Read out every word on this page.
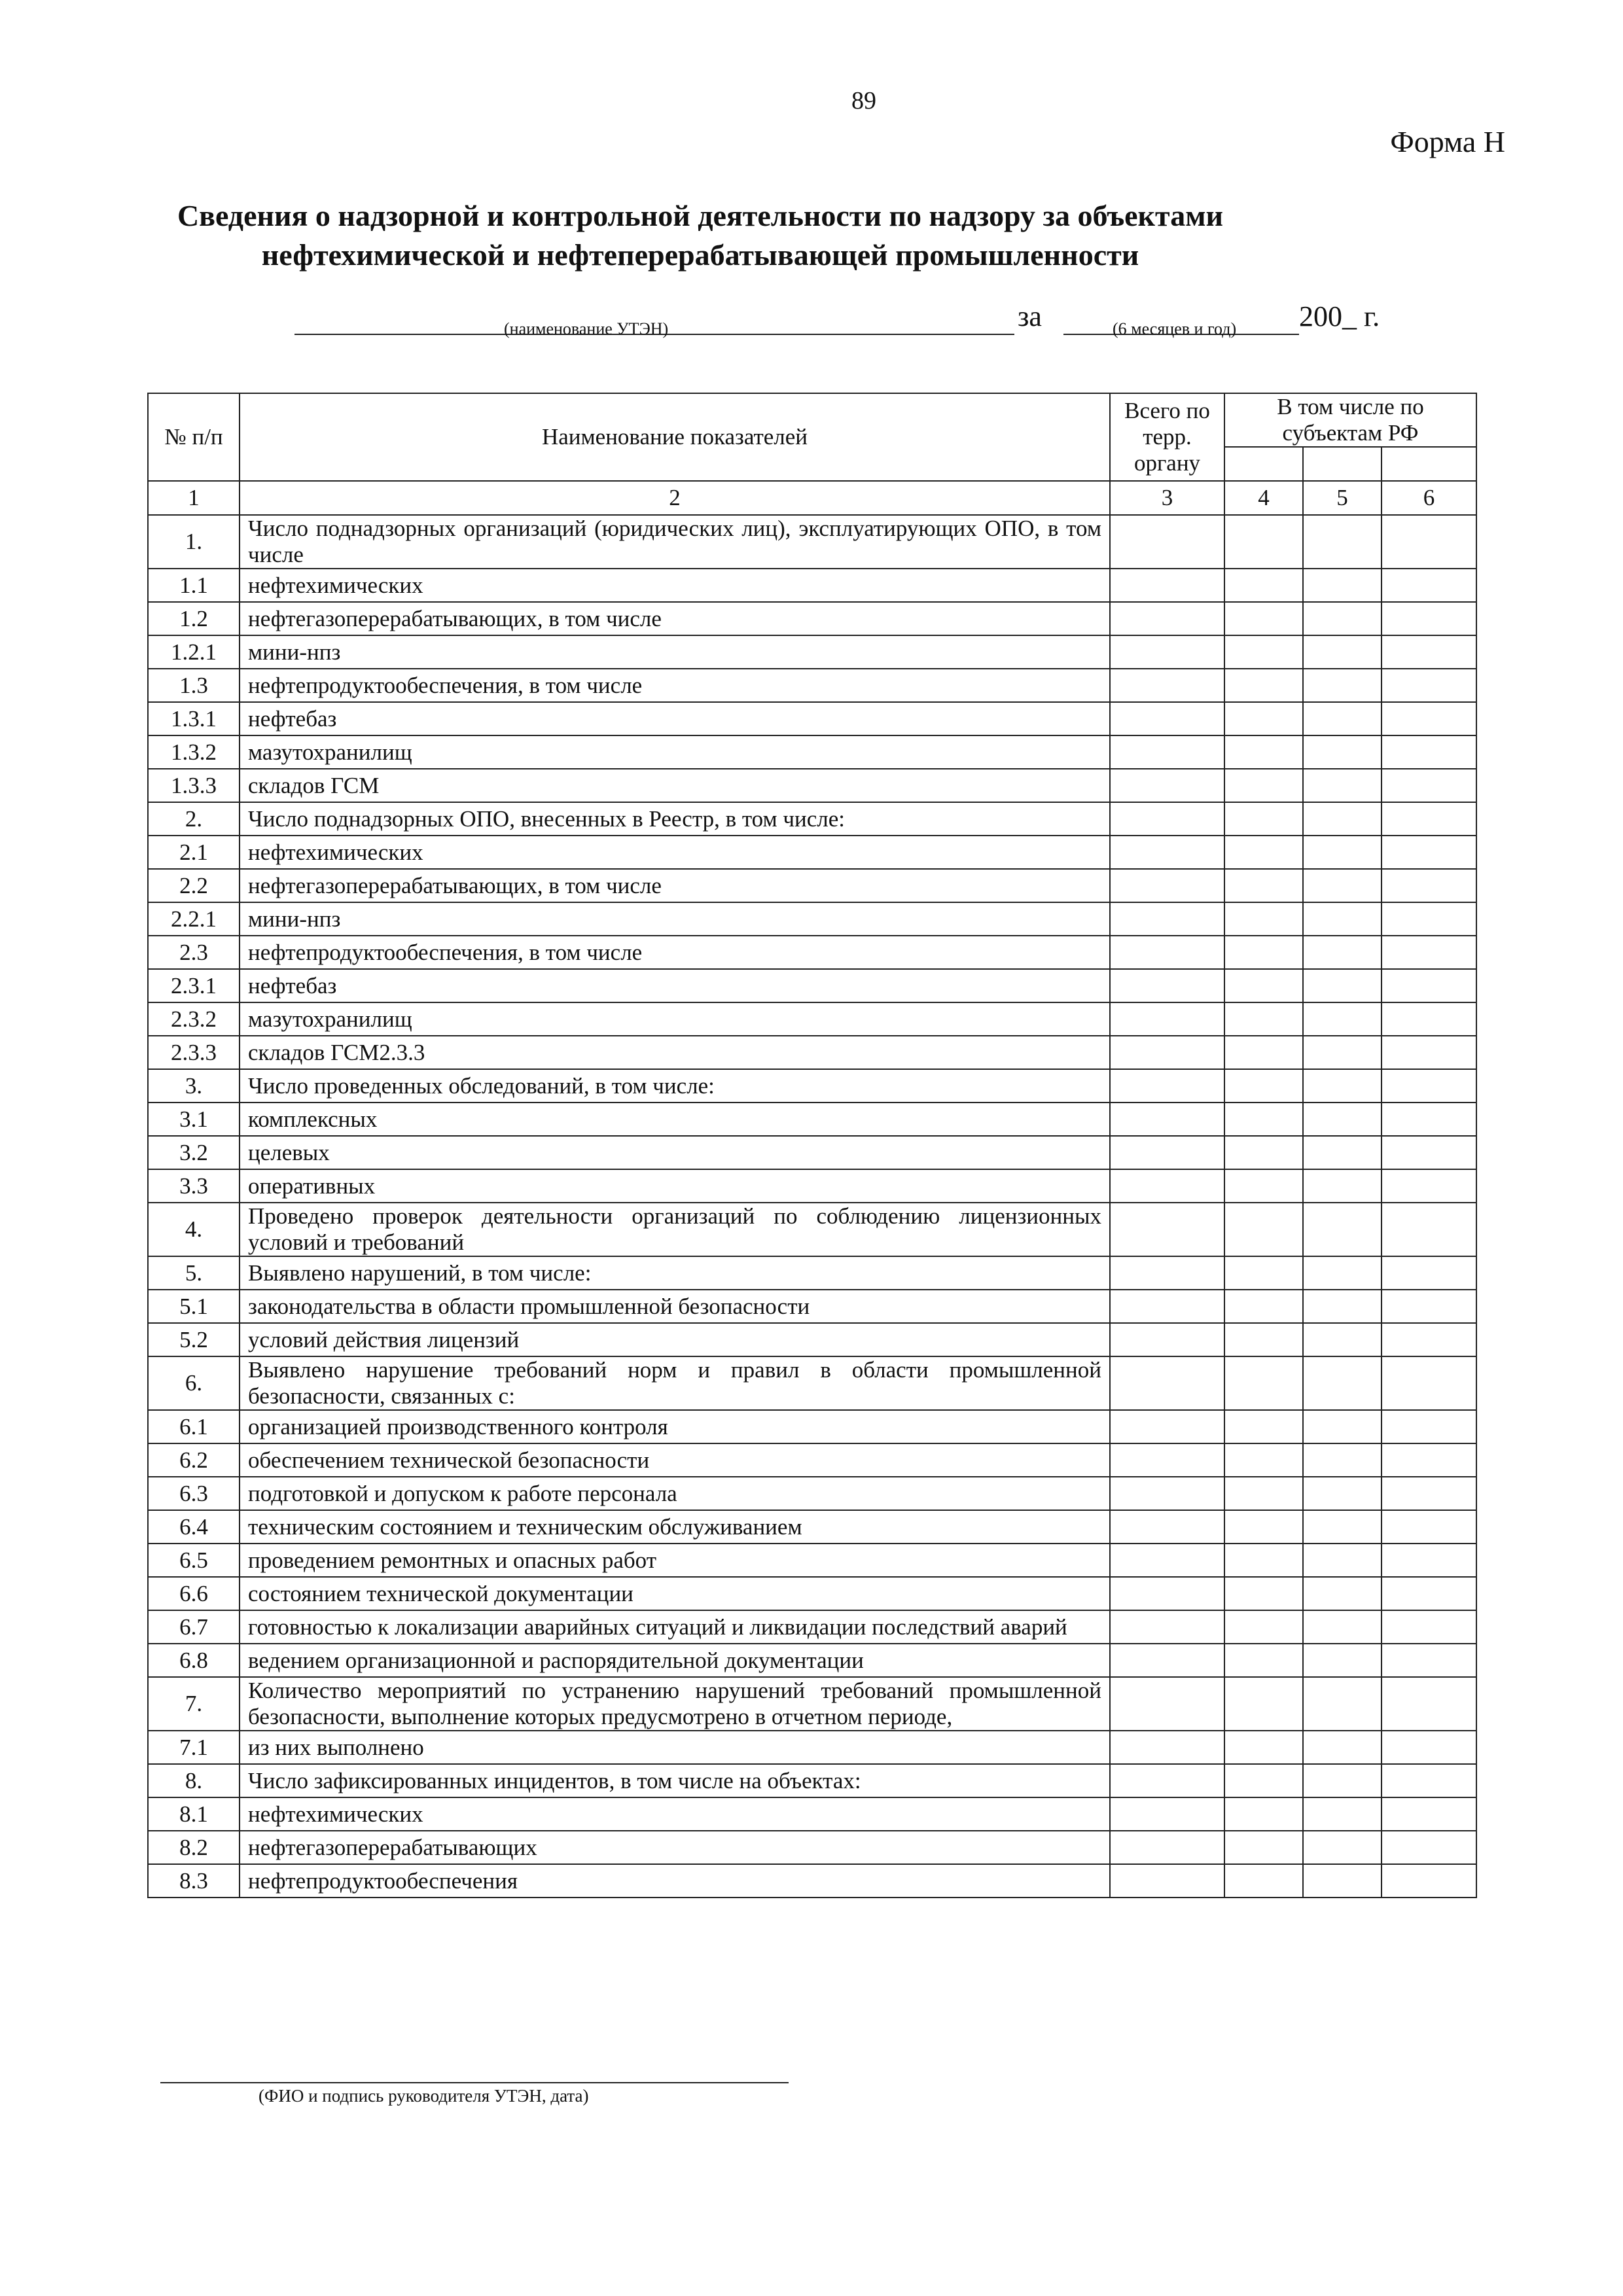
89
Форма Н
Сведения о надзорной и контрольной деятельности по надзору за объектами
нефтехимической и нефтеперерабатывающей промышленности
за	200_ г.
(наименование УТЭН)	(6 месяцев и год)
№ п/п	Наименование показателей	Всего по терр. органу	В том числе по субъектам РФ		

1	2	3	4	5	6
1.	Число поднадзорных организаций (юридических лиц), эксплуатирующих ОПО, в том числе				
1.1	нефтехимических				
1.2	нефтегазоперерабатывающих, в том числе				
1.2.1	мини-нпз				
1.3	нефтепродуктообеспечения, в том числе				
1.3.1	нефтебаз				
1.3.2	мазутохранилищ				
1.3.3	складов ГСМ				
2.	Число поднадзорных ОПО, внесенных в Реестр, в том числе:				
2.1	нефтехимических				
2.2	нефтегазоперерабатывающих, в том числе				
2.2.1	мини-нпз				
2.3	нефтепродуктообеспечения, в том числе				
2.3.1	нефтебаз				
2.3.2	мазутохранилищ				
2.3.3	складов ГСМ2.3.3				
3.	Число проведенных обследований, в том числе:				
3.1	комплексных				
3.2	целевых				
3.3	оперативных				
4.	Проведено проверок деятельности организаций по соблюдению лицензионных условий и требований				
5.	Выявлено нарушений, в том числе:				
5.1	законодательства в области промышленной безопасности				
5.2	условий действия лицензий				
6.	Выявлено нарушение требований норм и правил в области промышленной безопасности, связанных с:				
6.1	организацией производственного контроля				
6.2	обеспечением технической безопасности				
6.3	подготовкой и допуском к работе персонала				
6.4	техническим состоянием и техническим обслуживанием				
6.5	проведением ремонтных и опасных работ				
6.6	состоянием технической документации				
6.7	готовностью к локализации аварийных ситуаций и ликвидации последствий аварий				
6.8	ведением организационной и распорядительной документации				
7.	Количество мероприятий по устранению нарушений требований промышленной безопасности, выполнение которых предусмотрено в отчетном периоде,				
7.1	из них выполнено				
8.	Число зафиксированных инцидентов, в том числе на объектах:				
8.1	нефтехимических				
8.2	нефтегазоперерабатывающих				
8.3	нефтепродуктообеспечения				
(ФИО и подпись руководителя УТЭН, дата)
